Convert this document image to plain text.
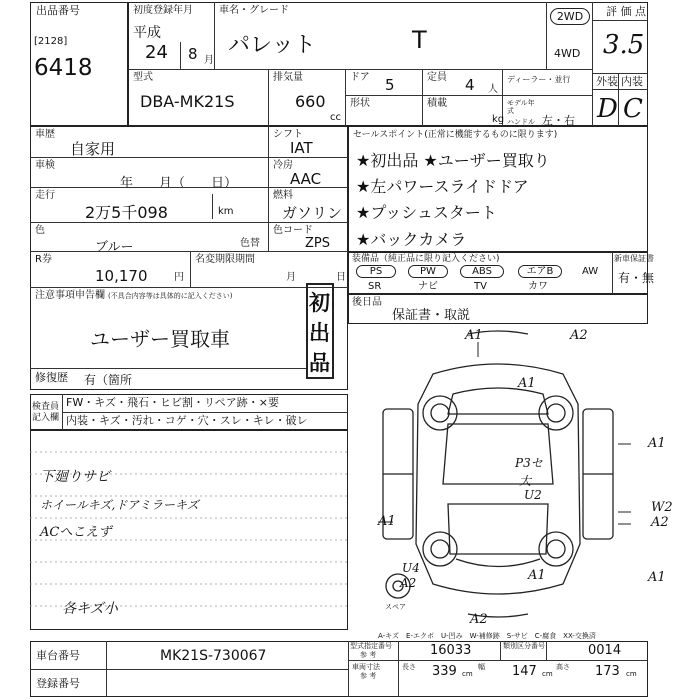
出品番号
[2128]
6418
初度登録年月
平成
24 8 月
車名・グレード
パレット	T
2WD
4WD
評 価 点
3.5
外装 内装
D C
型式
DBA-MK21S
排気量
660
cc
ドア 5	定員 4 人
ディーラー・並行
形状	積載
kg
モデル年式
ハンドル 左・右
車歴
自家用
シフト
IAT
車検
年　　月（　　日）
冷房
AAC
走行
2万5千098	km
燃料
ガソリン
色
ブルー	色替
色コード
ZPS
R券
10,170	円
名変期限期間
月
注意事項申告欄 (不具合内容等は具体的に記入ください)
ユーザー買取車
日
初
出
品
修復歴 有（箇所
検査員記入欄
FW・キズ・飛石・ヒビ割・リペア跡・×要
内装・キズ・汚れ・コゲ・穴・スレ・キレ・破レ
下廻りサビ
ホイールキズ,ドアミラーキズ
ACへこえず
各キズ小
セールスポイント(正常に機能するものに限ります)
★初出品 ★ユーザー買取り
★左パワースライドドア
★プッシュスタート
★バックカメラ
装備品（純正品に限り記入ください)	新車保証書
有・無
PS	PW	ABS	エアB	AW
SR	ナビ	TV	カワ
後日品
保証書・取説
A1	A2
A1
A1
P3セ
大
U2
W2
A2
A1
A1
U4
A2	A1
A2
スペア
A-キズ　E-エクボ　U-凹み　W-補修跡　S-サビ　C-腐食　XX-交換済
車台番号	MK21S-730067
登録番号
型式指定番号
参 考	16033	類別区分番号	0014
車両寸法
参 考
長さ 339 cm
幅 147 cm
高さ 173 cm
